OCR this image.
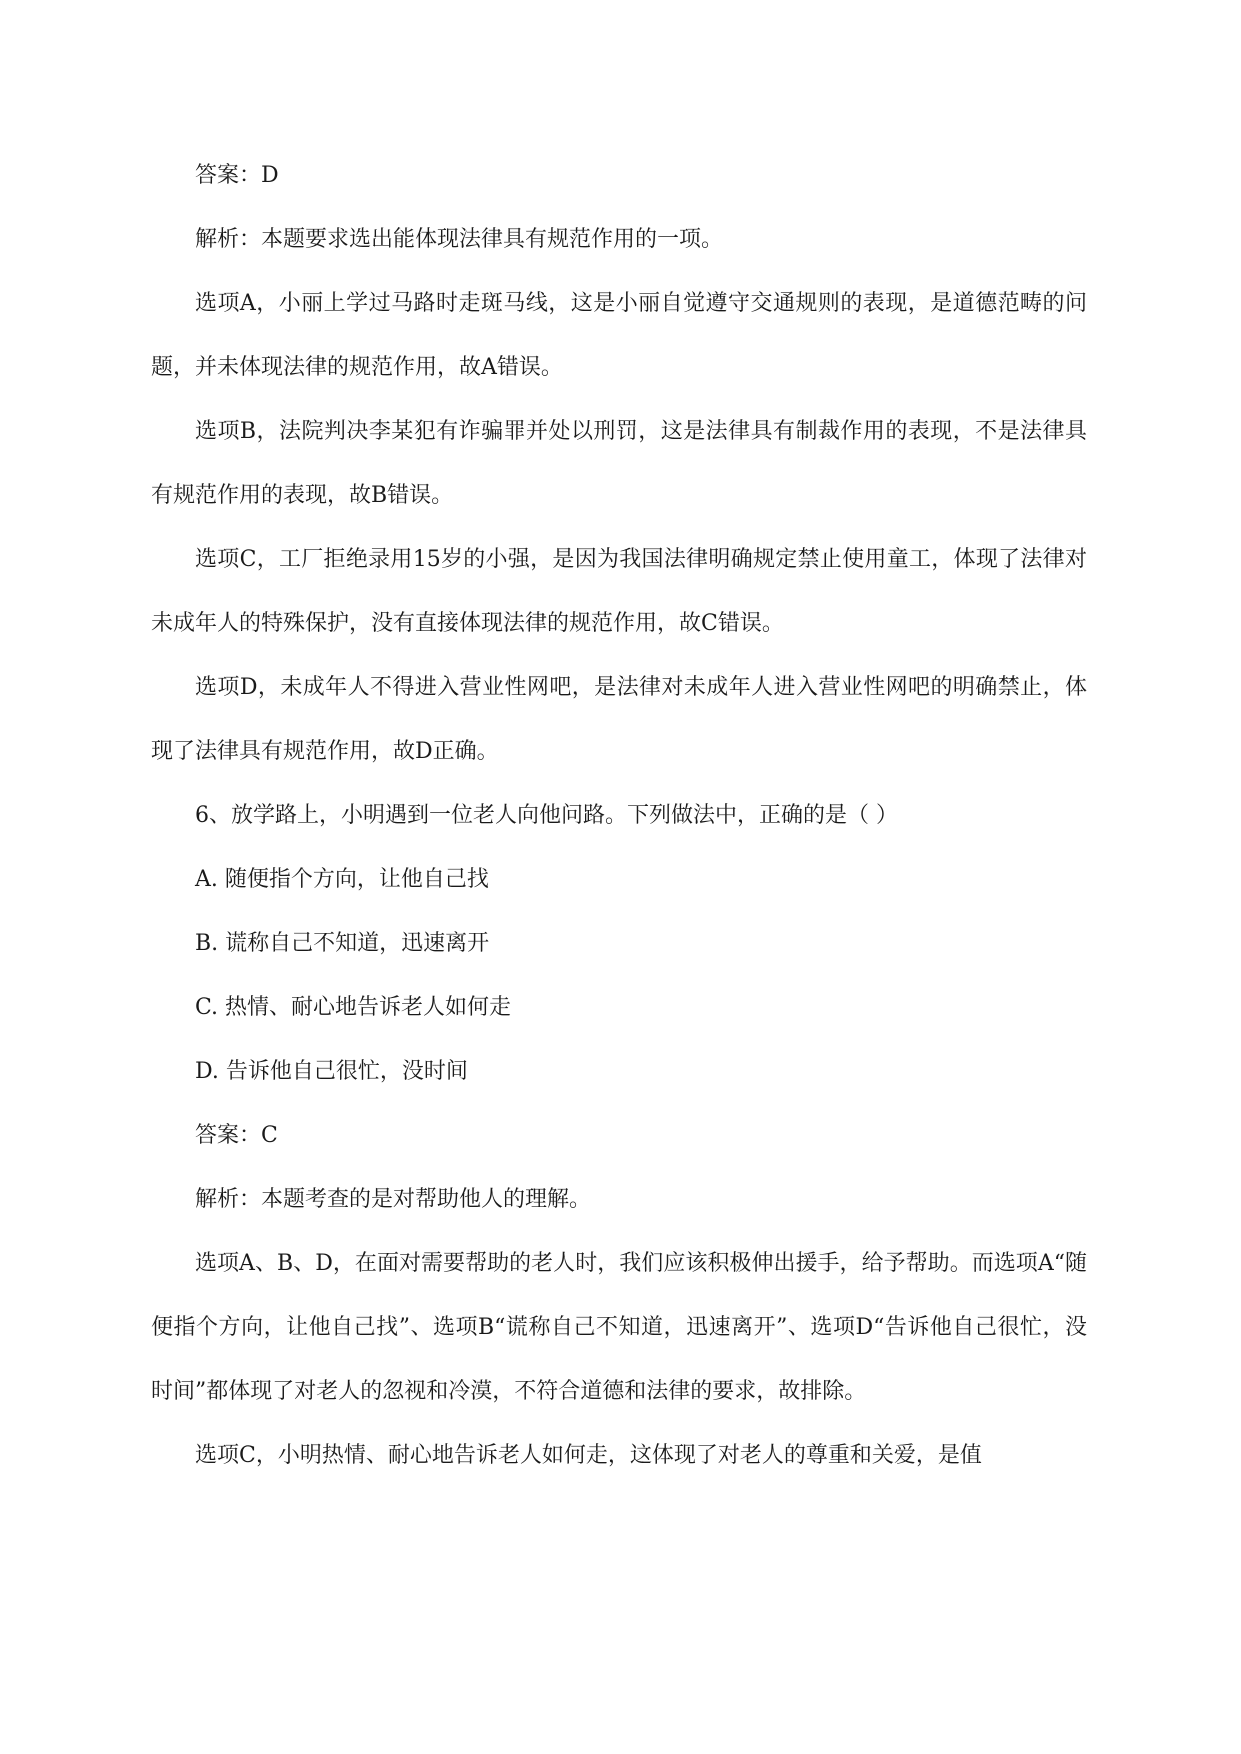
答案：D

解析：本题要求选出能体现法律具有规范作用的一项。

选项A，小丽上学过马路时走斑马线，这是小丽自觉遵守交通规则的表现，是道德范畴的问题，并未体现法律的规范作用，故A错误。

选项B，法院判决李某犯有诈骗罪并处以刑罚，这是法律具有制裁作用的表现，不是法律具有规范作用的表现，故B错误。

选项C，工厂拒绝录用15岁的小强，是因为我国法律明确规定禁止使用童工，体现了法律对未成年人的特殊保护，没有直接体现法律的规范作用，故C错误。

选项D，未成年人不得进入营业性网吧，是法律对未成年人进入营业性网吧的明确禁止，体现了法律具有规范作用，故D正确。

6、放学路上，小明遇到一位老人向他问路。下列做法中，正确的是（ ）

A. 随便指个方向，让他自己找

B. 谎称自己不知道，迅速离开

C. 热情、耐心地告诉老人如何走

D. 告诉他自己很忙，没时间

答案：C

解析：本题考查的是对帮助他人的理解。

选项A、B、D，在面对需要帮助的老人时，我们应该积极伸出援手，给予帮助。而选项A“随便指个方向，让他自己找”、选项B“谎称自己不知道，迅速离开”、选项D“告诉他自己很忙，没时间”都体现了对老人的忽视和冷漠，不符合道德和法律的要求，故排除。

选项C，小明热情、耐心地告诉老人如何走，这体现了对老人的尊重和关爱，是值
